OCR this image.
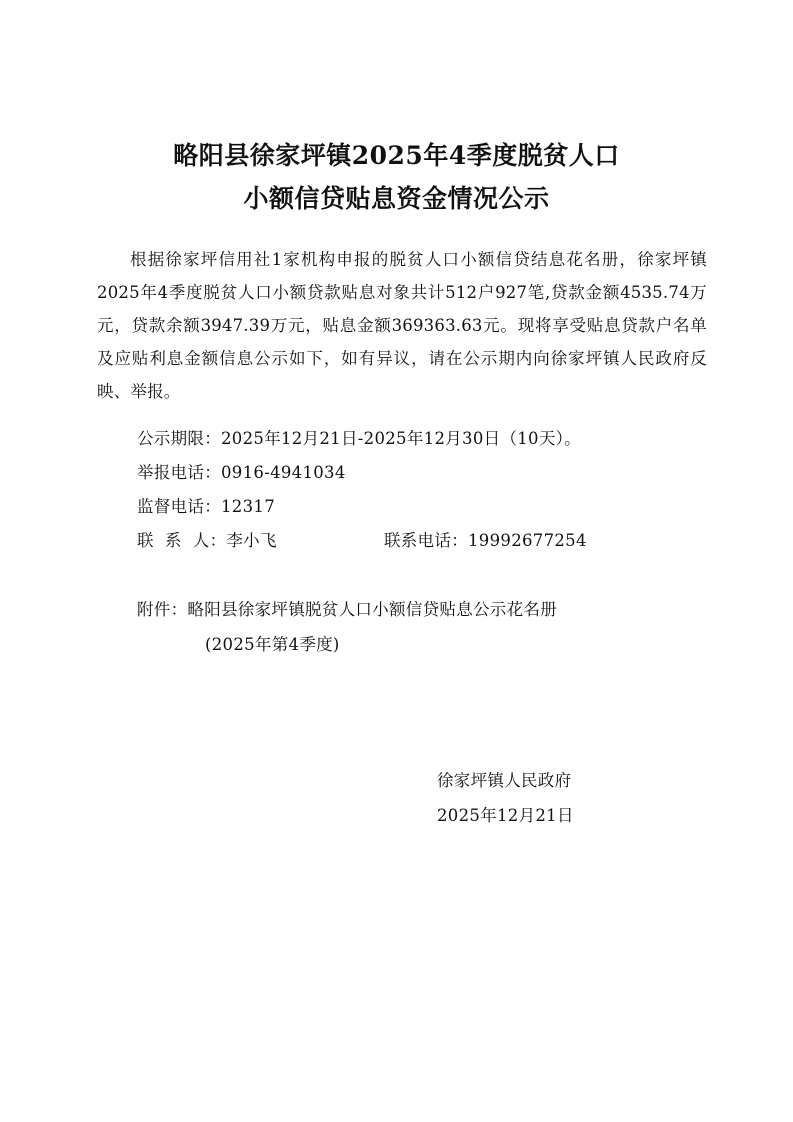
略阳县徐家坪镇2025年4季度脱贫人口
小额信贷贴息资金情况公示

根据徐家坪信用社1家机构申报的脱贫人口小额信贷结息花名册，徐家坪镇2025年4季度脱贫人口小额贷款贴息对象共计512户927笔,贷款金额4535.74万元，贷款余额3947.39万元，贴息金额369363.63元。现将享受贴息贷款户名单及应贴利息金额信息公示如下，如有异议，请在公示期内向徐家坪镇人民政府反映、举报。

公示期限：2025年12月21日-2025年12月30日（10天）。
举报电话：0916-4941034
监督电话：12317
联  系  人：李小飞	联系电话：19992677254
附件：略阳县徐家坪镇脱贫人口小额信贷贴息公示花名册
(2025年第4季度)
徐家坪镇人民政府
2025年12月21日
